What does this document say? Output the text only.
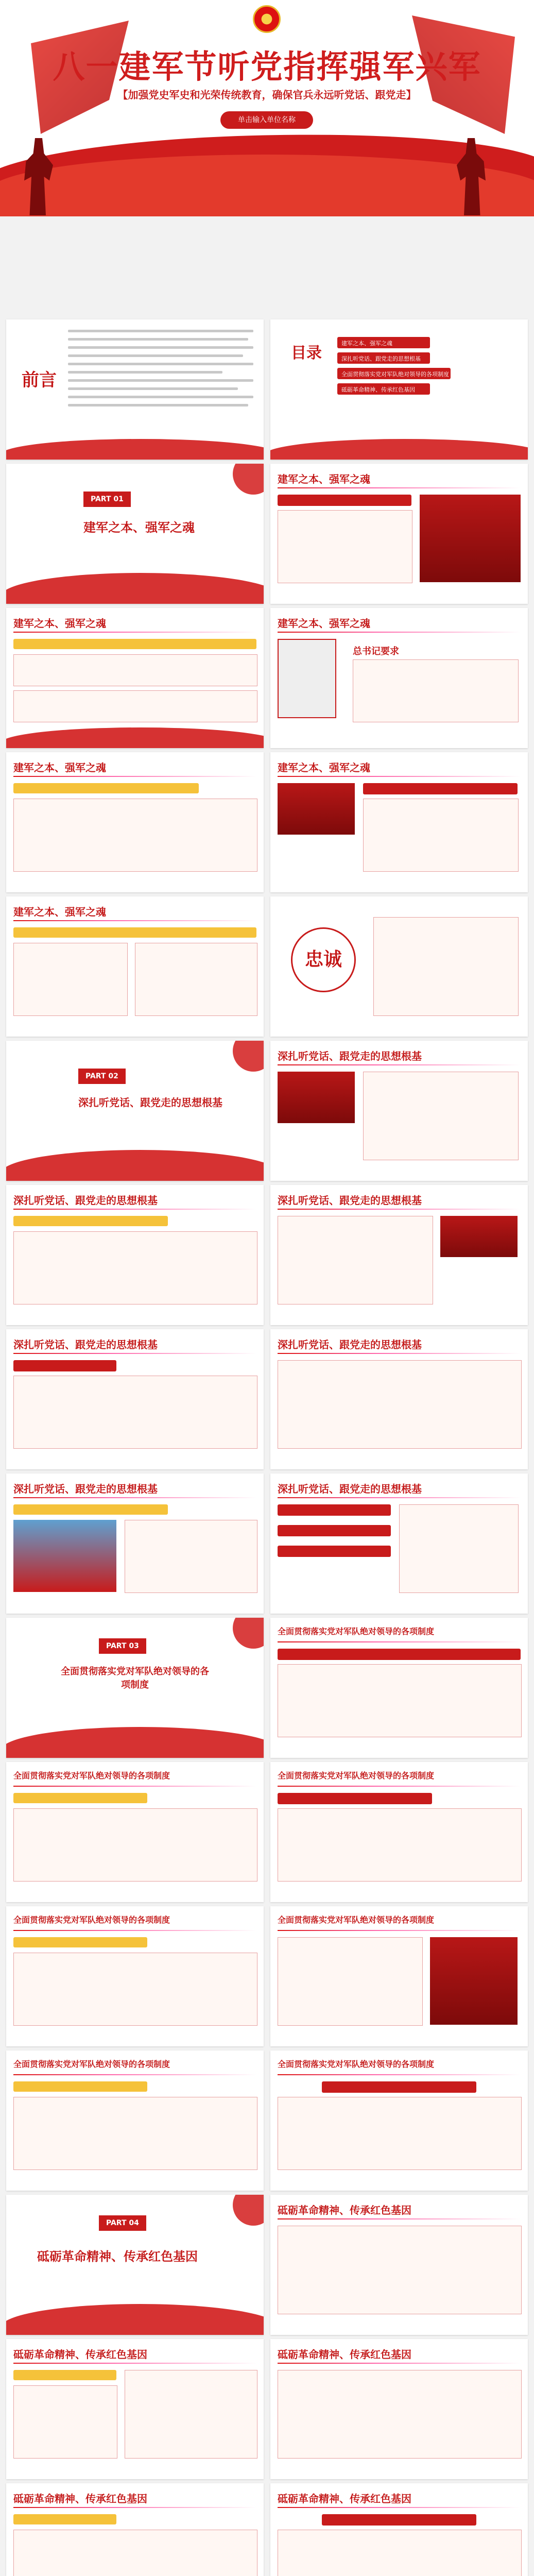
八一建军节听党指挥强军兴军
【加强党史军史和光荣传统教育，确保官兵永远听党话、跟党走】
单击输入单位名称
前言
目录
建军之本、强军之魂
深扎听党话、跟党走的思想根基
全面贯彻落实党对军队绝对领导的各项制度
砥砺革命精神、传承红色基因
PART 01
建军之本、强军之魂
建军之本、强军之魂
建军之本、强军之魂	建军之本、强军之魂
总书记要求
建军之本、强军之魂	建军之本、强军之魂
建军之本、强军之魂
忠诚
PART 02
深扎听党话、跟党走的思想根基
深扎听党话、跟党走的思想根基
深扎听党话、跟党走的思想根基	深扎听党话、跟党走的思想根基
深扎听党话、跟党走的思想根基	深扎听党话、跟党走的思想根基
深扎听党话、跟党走的思想根基	深扎听党话、跟党走的思想根基
PART 03
全面贯彻落实党对军队绝对领导的各项制度
全面贯彻落实党对军队绝对领导的各项制度
全面贯彻落实党对军队绝对领导的各项制度	全面贯彻落实党对军队绝对领导的各项制度
全面贯彻落实党对军队绝对领导的各项制度	全面贯彻落实党对军队绝对领导的各项制度
全面贯彻落实党对军队绝对领导的各项制度	全面贯彻落实党对军队绝对领导的各项制度
PART 04
砥砺革命精神、传承红色基因
砥砺革命精神、传承红色基因
砥砺革命精神、传承红色基因	砥砺革命精神、传承红色基因
砥砺革命精神、传承红色基因	砥砺革命精神、传承红色基因
